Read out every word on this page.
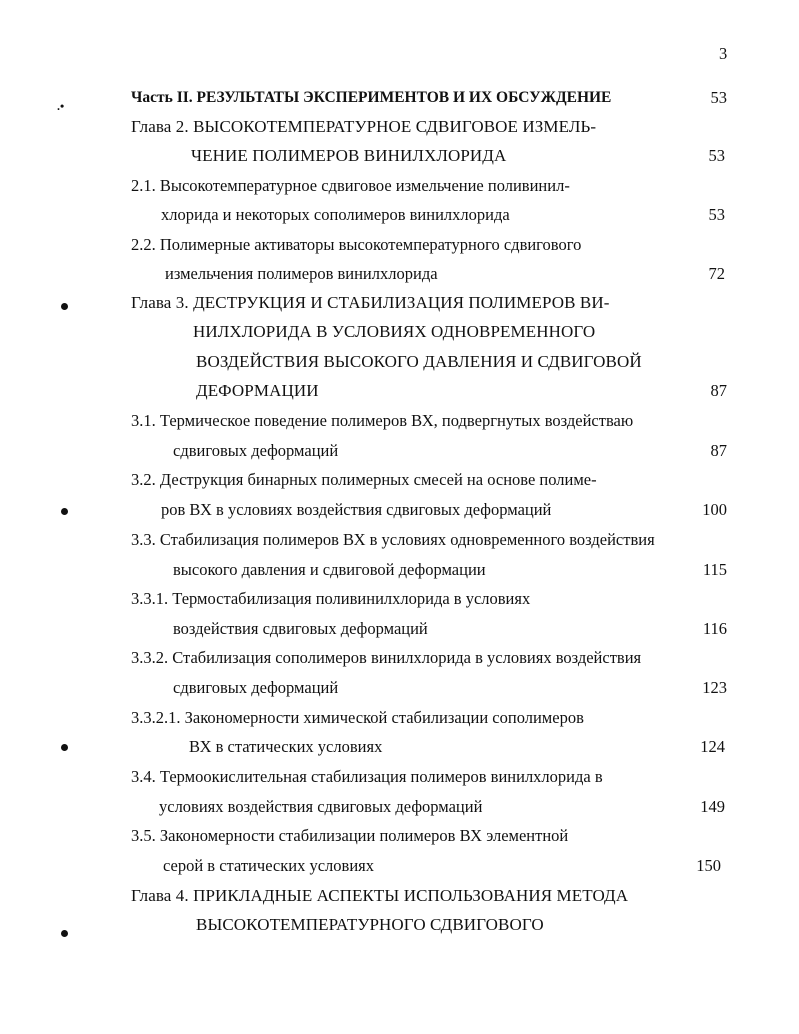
3
.•	Часть II. РЕЗУЛЬТАТЫ ЭКСПЕРИМЕНТОВ И ИХ ОБСУЖДЕНИЕ	53
Глава 2. ВЫСОКОТЕМПЕРАТУРНОЕ СДВИГОВОЕ ИЗМЕЛЬ-
ЧЕНИЕ ПОЛИМЕРОВ ВИНИЛХЛОРИДА	53
2.1. Высокотемпературное сдвиговое измельчение поливинил-
хлорида и некоторых сополимеров винилхлорида	53
2.2. Полимерные активаторы высокотемпературного сдвигового
измельчения полимеров винилхлорида	72
Глава 3. ДЕСТРУКЦИЯ И СТАБИЛИЗАЦИЯ ПОЛИМЕРОВ ВИ-
НИЛХЛОРИДА В УСЛОВИЯХ ОДНОВРЕМЕННОГО
ВОЗДЕЙСТВИЯ ВЫСОКОГО ДАВЛЕНИЯ И СДВИГОВОЙ
ДЕФОРМАЦИИ	87
3.1. Термическое поведение полимеров ВХ, подвергнутых воздействаю
сдвиговых деформаций	87
3.2. Деструкция бинарных полимерных смесей на основе полиме-
ров ВХ в условиях воздействия сдвиговых деформаций	100
3.3. Стабилизация полимеров ВХ в условиях одновременного воздействия
высокого давления и сдвиговой деформации	115
3.3.1. Термостабилизация поливинилхлорида в условиях
воздействия сдвиговых деформаций	116
3.3.2. Стабилизация сополимеров винилхлорида в условиях воздействия
сдвиговых деформаций	123
3.3.2.1. Закономерности химической стабилизации сополимеров
ВХ в статических условиях	124
3.4. Термоокислительная стабилизация полимеров винилхлорида в
условиях воздействия сдвиговых деформаций	149
3.5. Закономерности стабилизации полимеров ВХ элементной
серой в статических условиях	150
Глава 4. ПРИКЛАДНЫЕ АСПЕКТЫ ИСПОЛЬЗОВАНИЯ МЕТОДА
ВЫСОКОТЕМПЕРАТУРНОГО СДВИГОВОГО
